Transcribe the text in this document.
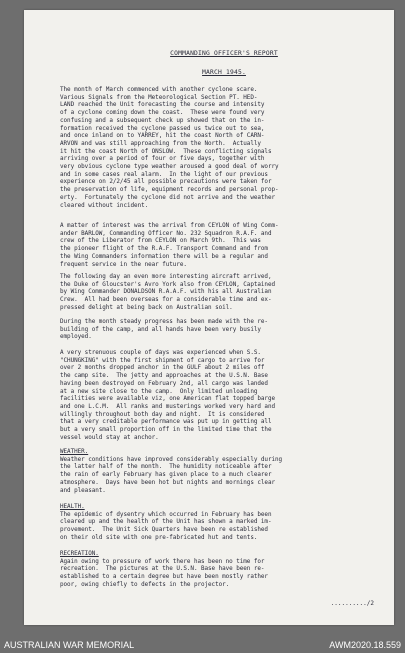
COMMANDING OFFICER'S REPORT
MARCH 1945.
The month of March commenced with another cyclone scare.
Various Signals from the Meteorological Section PT. HED-
LAND reached the Unit forecasting the course and intensity
of a cyclone coming down the coast.  These were found very
confusing and a subsequent check up showed that on the in-
formation received the cyclone passed us twice out to sea,
and once inland on to YARREY, hit the coast North of CARN-
ARVON and was still approaching from the North.  Actually
it hit the coast North of ONSLOW.  These conflicting signals
arriving over a period of four or five days, together with
very obvious cyclone type weather aroused a good deal of worry
and in some cases real alarm.  In the light of our previous
experience on 2/2/45 all possible precautions were taken for
the preservation of life, equipment records and personal prop-
erty.  Fortunately the cyclone did not arrive and the weather
cleared without incident.
A matter of interest was the arrival from CEYLON of Wing Comm-
ander BARLOW, Commanding Officer No. 232 Squadron R.A.F. and
crew of the Liberator from CEYLON on March 9th.  This was
the pioneer flight of the R.A.F. Transport Command and from
the Wing Commanders information there will be a regular and
frequent service in the near future.
The following day an even more interesting aircraft arrived,
the Duke of Gloucster's Avro York also from CEYLON, Captained
by Wing Commander DONALDSON R.A.A.F. with his all Australian
Crew.  All had been overseas for a considerable time and ex-
pressed delight at being back on Australian soil.
During the month steady progress has been made with the re-
building of the camp, and all hands have been very busily
employed.
A very strenuous couple of days was experienced when S.S.
"CHUNGKING" with the first shipment of cargo to arrive for
over 2 months dropped anchor in the GULF about 2 miles off
the camp site.  The jetty and approaches at the U.S.N. Base
having been destroyed on February 2nd, all cargo was landed
at a new site close to the camp.  Only limited unloading
facilities were available viz, one American flat topped barge
and one L.C.M.  All ranks and musterings worked very hard and
willingly throughout both day and night.  It is considered
that a very creditable performance was put up in getting all
but a very small proportion off in the limited time that the
vessel would stay at anchor.
WEATHER.
Weather conditions have improved considerably especially during
the latter half of the month.  The humidity noticeable after
the rain of early February has given place to a much clearer
atmosphere.  Days have been hot but nights and mornings clear
and pleasant.
HEALTH.
The epidemic of dysentry which occurred in February has been
cleared up and the health of the Unit has shown a marked im-
provement.  The Unit Sick Quarters have been re established
on their old site with one pre-fabricated hut and tents.
RECREATION.
Again owing to pressure of work there has been no time for
recreation.  The pictures at the U.S.N. Base have been re-
established to a certain degree but have been mostly rather
poor, owing chiefly to defects in the projector.
........../2
AUSTRALIAN WAR MEMORIAL	AWM2020.18.559
